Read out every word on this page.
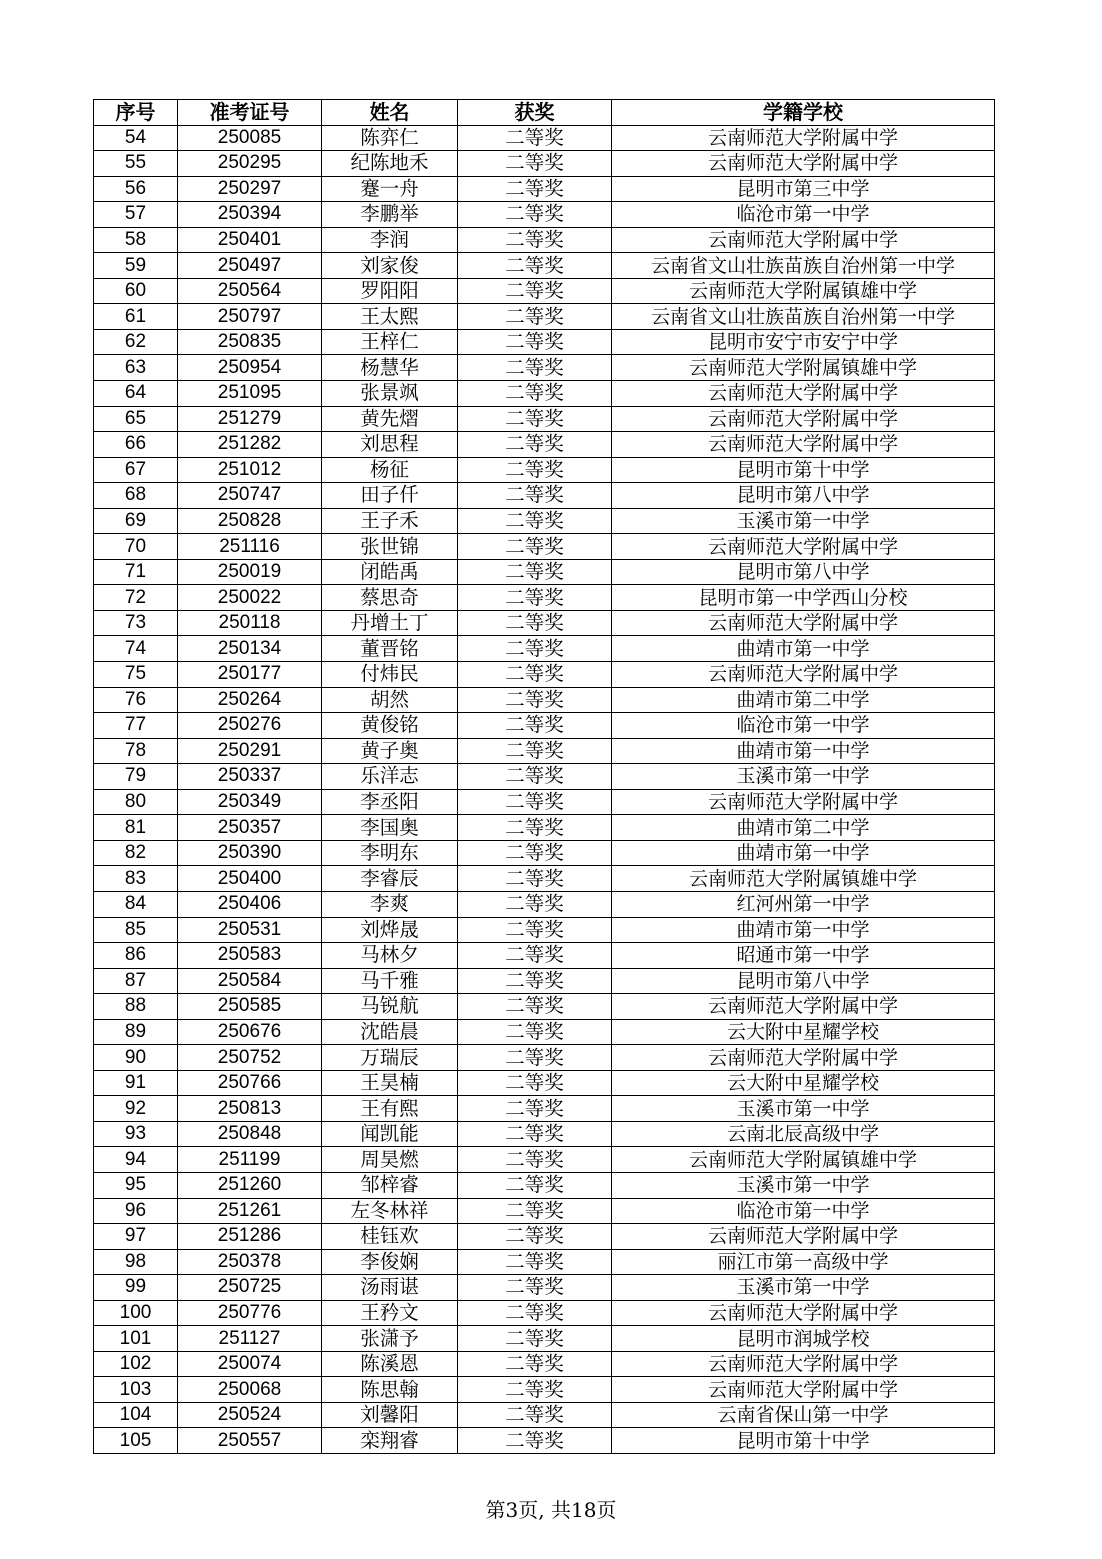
序号	准考证号	姓名	获奖	学籍学校
54	250085	陈弈仁	二等奖	云南师范大学附属中学
55	250295	纪陈地禾	二等奖	云南师范大学附属中学
56	250297	蹇一舟	二等奖	昆明市第三中学
57	250394	李鹏举	二等奖	临沧市第一中学
58	250401	李润	二等奖	云南师范大学附属中学
59	250497	刘家俊	二等奖	云南省文山壮族苗族自治州第一中学
60	250564	罗阳阳	二等奖	云南师范大学附属镇雄中学
61	250797	王太熙	二等奖	云南省文山壮族苗族自治州第一中学
62	250835	王梓仁	二等奖	昆明市安宁市安宁中学
63	250954	杨慧华	二等奖	云南师范大学附属镇雄中学
64	251095	张景飒	二等奖	云南师范大学附属中学
65	251279	黄先熠	二等奖	云南师范大学附属中学
66	251282	刘思程	二等奖	云南师范大学附属中学
67	251012	杨征	二等奖	昆明市第十中学
68	250747	田子仟	二等奖	昆明市第八中学
69	250828	王子禾	二等奖	玉溪市第一中学
70	251116	张世锦	二等奖	云南师范大学附属中学
71	250019	闭皓禹	二等奖	昆明市第八中学
72	250022	蔡思奇	二等奖	昆明市第一中学西山分校
73	250118	丹增土丁	二等奖	云南师范大学附属中学
74	250134	董晋铭	二等奖	曲靖市第一中学
75	250177	付炜民	二等奖	云南师范大学附属中学
76	250264	胡然	二等奖	曲靖市第二中学
77	250276	黄俊铭	二等奖	临沧市第一中学
78	250291	黄子奥	二等奖	曲靖市第一中学
79	250337	乐洋志	二等奖	玉溪市第一中学
80	250349	李丞阳	二等奖	云南师范大学附属中学
81	250357	李国奥	二等奖	曲靖市第二中学
82	250390	李明东	二等奖	曲靖市第一中学
83	250400	李睿辰	二等奖	云南师范大学附属镇雄中学
84	250406	李爽	二等奖	红河州第一中学
85	250531	刘烨晟	二等奖	曲靖市第一中学
86	250583	马林夕	二等奖	昭通市第一中学
87	250584	马千雅	二等奖	昆明市第八中学
88	250585	马锐航	二等奖	云南师范大学附属中学
89	250676	沈皓晨	二等奖	云大附中星耀学校
90	250752	万瑞辰	二等奖	云南师范大学附属中学
91	250766	王昊楠	二等奖	云大附中星耀学校
92	250813	王有熙	二等奖	玉溪市第一中学
93	250848	闻凯能	二等奖	云南北辰高级中学
94	251199	周昊燃	二等奖	云南师范大学附属镇雄中学
95	251260	邹梓睿	二等奖	玉溪市第一中学
96	251261	左冬林祥	二等奖	临沧市第一中学
97	251286	桂钰欢	二等奖	云南师范大学附属中学
98	250378	李俊娴	二等奖	丽江市第一高级中学
99	250725	汤雨谌	二等奖	玉溪市第一中学
100	250776	王矜文	二等奖	云南师范大学附属中学
101	251127	张潇予	二等奖	昆明市润城学校
102	250074	陈溪恩	二等奖	云南师范大学附属中学
103	250068	陈思翰	二等奖	云南师范大学附属中学
104	250524	刘馨阳	二等奖	云南省保山第一中学
105	250557	栾翔睿	二等奖	昆明市第十中学
第3页, 共18页
